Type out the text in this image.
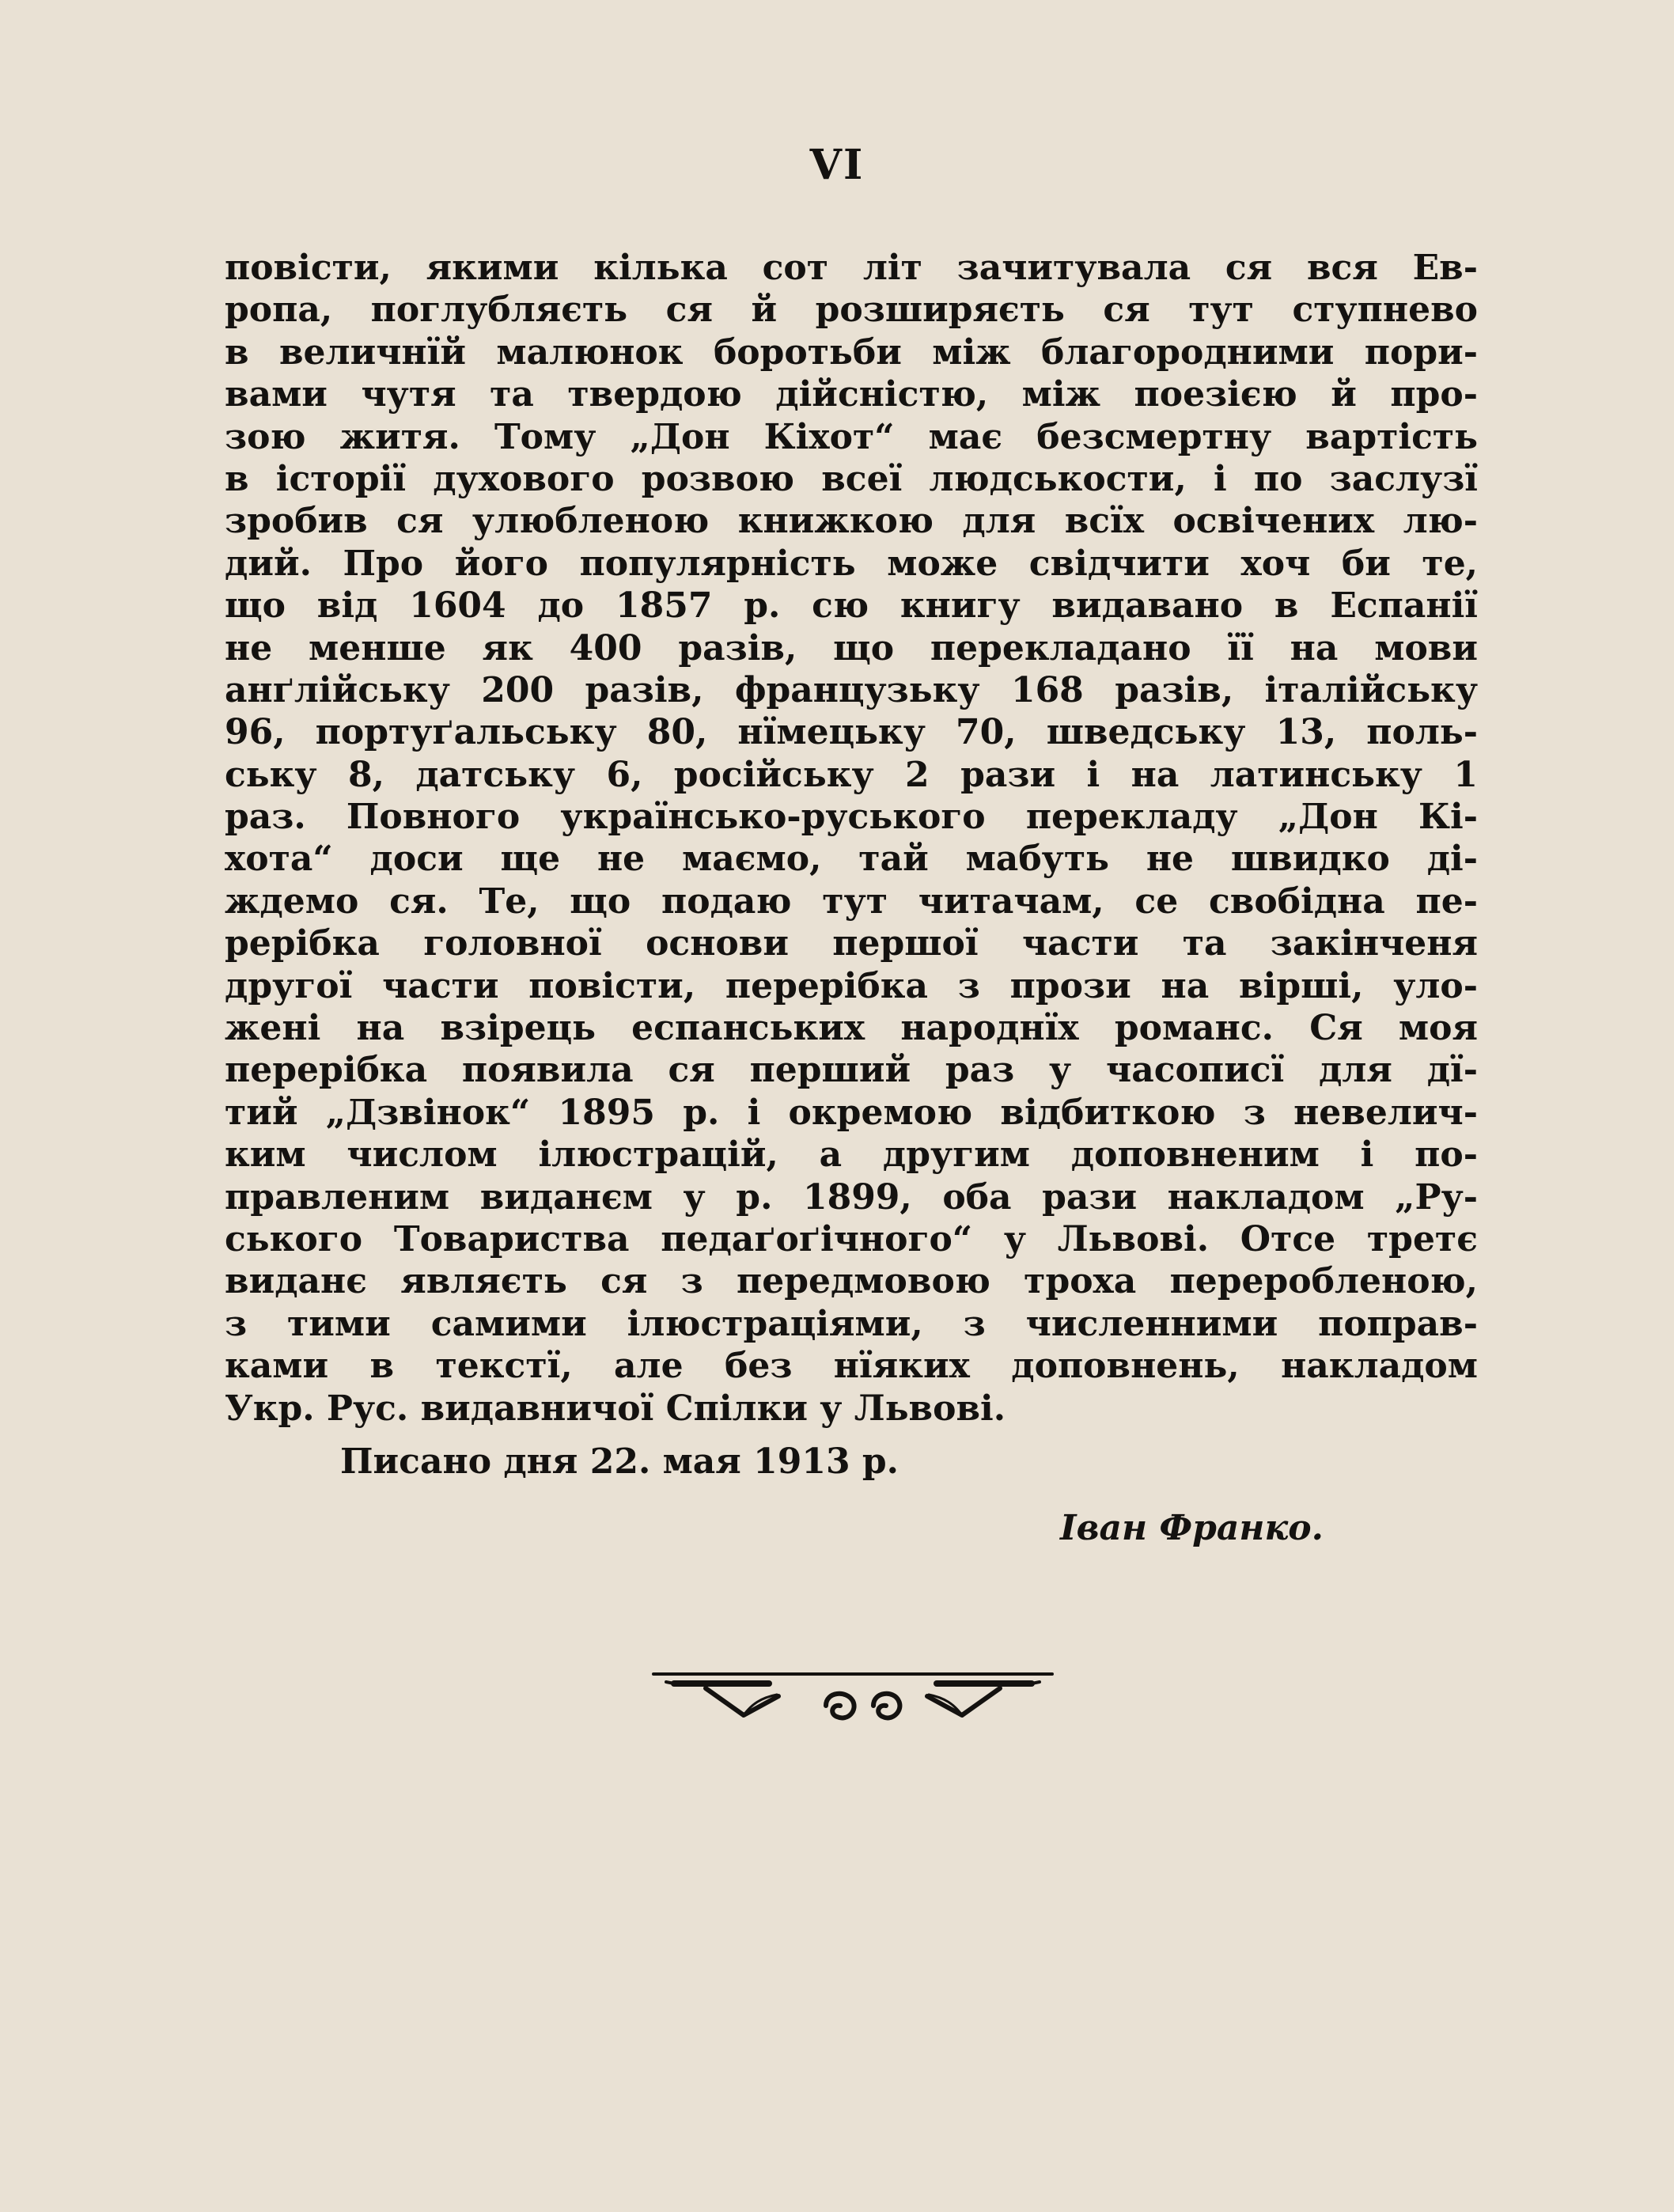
VI
повісти, якими кілька сот літ зачитувала ся вся Ев-
ропа, поглубляєть ся й розширяєть ся тут ступнево
в величнїй малюнок боротьби між благородними пори-
вами чутя та твердою дійсністю, між поезією й про-
зою житя. Тому „Дон Кіхот“ має безсмертну вартість
в історії духового розвою всеї людськости, і по заслузї
зробив ся улюбленою книжкою для всїх освічених лю-
дий. Про його популярність може свідчити хоч би те,
що від 1604 до 1857 р. сю книгу видавано в Еспанії
не менше як 400 разів, що перекладано її на мови
анґлійську 200 разів, французьку 168 разів, італійську
96, портуґальську 80, нїмецьку 70, шведську 13, поль-
ську 8, датську 6, російську 2 рази і на латинську 1
раз. Повного українсько-руського перекладу „Дон Кі-
хота“ доси ще не маємо, тай мабуть не швидко ді-
ждемо ся. Те, що подаю тут читачам, се свобідна пе-
рерібка головної основи першої части та закінченя
другої части повісти, перерібка з прози на вірші, уло-
жені на взірець еспанських народнїх романс. Ся моя
перерібка появила ся перший раз у часописї для дї-
тий „Дзвінок“ 1895 р. і окремою відбиткою з невелич-
ким числом ілюстрацій, а другим доповненим і по-
правленим виданєм у р. 1899, оба рази накладом „Ру-
ського Товариства педаґоґічного“ у Львові. Отсе третє
виданє являєть ся з передмовою троха переробленою,
з тими самими ілюстраціями, з численними поправ-
ками в текстї, але без нїяких доповнень, накладом
Укр. Рус. видавничої Спілки у Львові.
Писано дня 22. мая 1913 р.
Іван Франко.
